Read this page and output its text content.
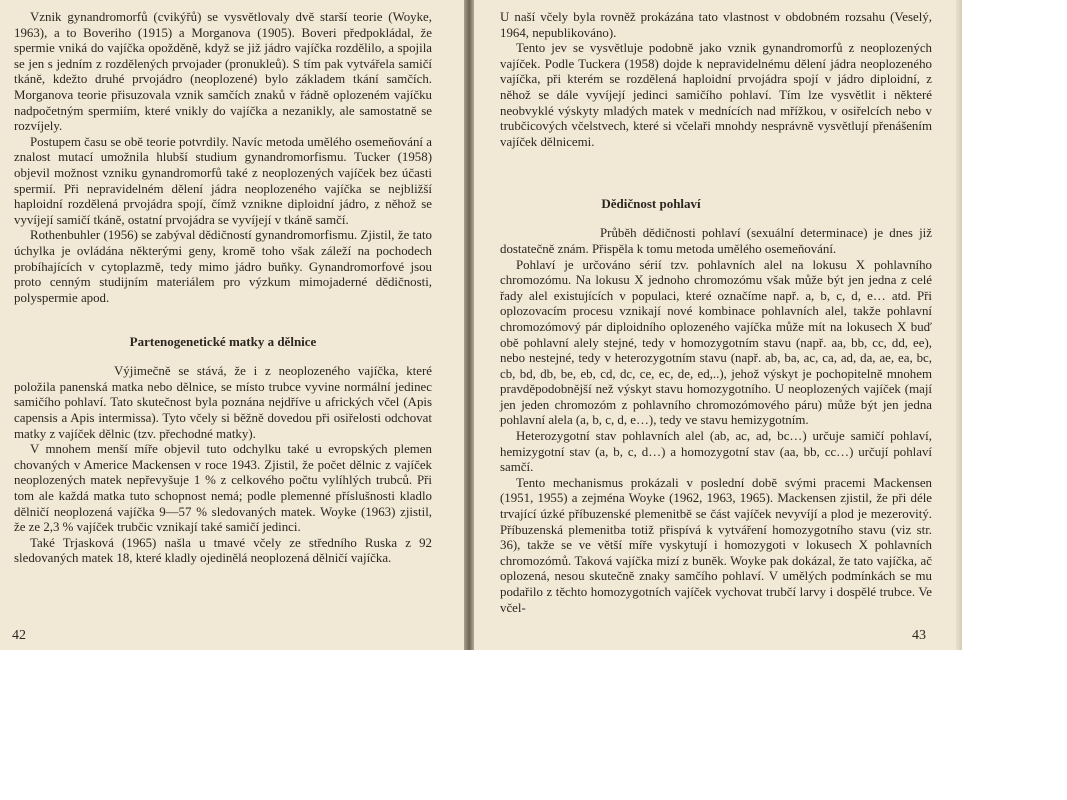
Vznik gynandromorfů (cvikýřů) se vysvětlovaly dvě starší teorie (Woyke, 1963), a to Boveriho (1915) a Morganova (1905). Boveri předpokládal, že spermie vniká do vajíčka opožděně, když se již jádro vajíčka rozdělilo, a spojila se jen s jedním z rozdělených prvojader (pronukleů). S tím pak vytvářela samičí tkáně, kdežto druhé prvojádro (neoplozené) bylo základem tkání samčích. Morganova teorie přisuzovala vznik samčích znaků v řádně oplozeném vajíčku nadpočetným spermiím, které vnikly do vajíčka a nezanikly, ale samostatně se rozvíjely.

Postupem času se obě teorie potvrdily. Navíc metoda umělého osemeňování a znalost mutací umožnila hlubší studium gynandromorfismu. Tucker (1958) objevil možnost vzniku gynandromorfů také z neoplozených vajíček bez účasti spermií. Při nepravidelném dělení jádra neoplozeného vajíčka se nejbližší haploidní rozdělená prvojádra spojí, čímž vznikne diploidní jádro, z něhož se vyvíjejí samičí tkáně, ostatní prvojádra se vyvíjejí v tkáně samčí.

Rothenbuhler (1956) se zabýval dědičností gynandromorfismu. Zjistil, že tato úchylka je ovládána některými geny, kromě toho však záleží na pochodech probíhajících v cytoplazmě, tedy mimo jádro buňky. Gynandromorfové jsou proto cenným studijním materiálem pro výzkum mimojaderné dědičnosti, polyspermie apod.

Partenogenetické matky a dělnice

Výjimečně se stává, že i z neoplozeného vajíčka, které položila panenská matka nebo dělnice, se místo trubce vyvine normální jedinec samičího pohlaví. Tato skutečnost byla poznána nejdříve u afrických včel (Apis capensis a Apis intermissa). Tyto včely si běžně dovedou při osiřelosti odchovat matky z vajíček dělnic (tzv. přechodné matky).

V mnohem menší míře objevil tuto odchylku také u evropských plemen chovaných v Americe Mackensen v roce 1943. Zjistil, že počet dělnic z vajíček neoplozených matek nepřevyšuje 1 % z celkového počtu vylíhlých trubců. Při tom ale každá matka tuto schopnost nemá; podle plemenné příslušnosti kladlo dělničí neoplozená vajíčka 9—57 % sledovaných matek. Woyke (1963) zjistil, že ze 2,3 % vajíček trubčic vznikají také samičí jedinci.

Také Trjasková (1965) našla u tmavé včely ze středního Ruska z 92 sledovaných matek 18, které kladly ojedinělá neoplozená dělničí vajíčka.

42

U naší včely byla rovněž prokázána tato vlastnost v obdobném rozsahu (Veselý, 1964, nepublikováno).

Tento jev se vysvětluje podobně jako vznik gynandromorfů z neoplozených vajíček. Podle Tuckera (1958) dojde k nepravidelnému dělení jádra neoplozeného vajíčka, při kterém se rozdělená haploidní prvojádra spojí v jádro diploidní, z něhož se dále vyvíjejí jedinci samičího pohlaví. Tím lze vysvětlit i některé neobvyklé výskyty mladých matek v mednících nad mřížkou, v osiřelcích nebo v trubčicových včelstvech, které si včelaři mnohdy nesprávně vysvětlují přenášením vajíček dělnicemi.

Dědičnost pohlaví

Průběh dědičnosti pohlaví (sexuální determinace) je dnes již dostatečně znám. Přispěla k tomu metoda umělého osemeňování.

Pohlaví je určováno sérií tzv. pohlavních alel na lokusu X pohlavního chromozómu. Na lokusu X jednoho chromozómu však může být jen jedna z celé řady alel existujících v populaci, které označíme např. a, b, c, d, e… atd. Při oplozovacím procesu vznikají nové kombinace pohlavních alel, takže pohlavní chromozómový pár diploidního oplozeného vajíčka může mít na lokusech X buď obě pohlavní alely stejné, tedy v homozygotním stavu (např. aa, bb, cc, dd, ee), nebo nestejné, tedy v heterozygotním stavu (např. ab, ba, ac, ca, ad, da, ae, ea, bc, cb, bd, db, be, eb, cd, dc, ce, ec, de, ed,..), jehož výskyt je pochopitelně mnohem pravděpodobnější než výskyt stavu homozygotního. U neoplozených vajíček (mají jen jeden chromozóm z pohlavního chromozómového páru) může být jen jedna pohlavní alela (a, b, c, d, e…), tedy ve stavu hemizygotním.

Heterozygotní stav pohlavních alel (ab, ac, ad, bc…) určuje samičí pohlaví, hemizygotní stav (a, b, c, d…) a homozygotní stav (aa, bb, cc…) určují pohlaví samčí.

Tento mechanismus prokázali v poslední době svými pracemi Mackensen (1951, 1955) a zejména Woyke (1962, 1963, 1965). Mackensen zjistil, že při déle trvající úzké příbuzenské plemenitbě se část vajíček nevyvíjí a plod je mezerovitý. Příbuzenská plemenitba totiž přispívá k vytváření homozygotního stavu (viz str. 36), takže se ve větší míře vyskytují i homozygoti v lokusech X pohlavních chromozómů. Taková vajíčka mizí z buněk. Woyke pak dokázal, že tato vajíčka, ač oplozená, nesou skutečně znaky samčího pohlaví. V umělých podmínkách se mu podařilo z těchto homozygotních vajíček vychovat trubčí larvy i dospělé trubce. Ve včel-

43
